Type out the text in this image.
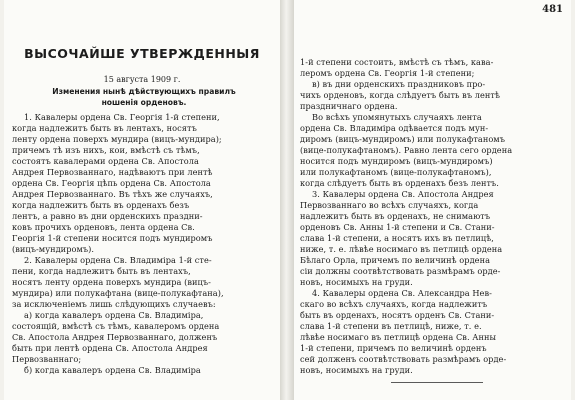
ВЫСОЧАЙШЕ УТВЕРЖДЕННЫЯ
15 августа 1909 г.
Изменения нынѣ дѣйствующихъ правилъ ношенія орденовъ.
1. Кавалеры ордена Св. Георгія 1-й степени,
когда надлежитъ быть въ лентахъ, носятъ
ленту ордена поверхъ мундира (вицъ-мундира);
причемъ тѣ изъ нихъ, кои, вмѣстѣ съ тѣмъ,
состоятъ кавалерами ордена Св. Апостола
Андрея Первозваннаго, надѣваютъ при лентѣ
ордена Св. Георгія цѣпь ордена Св. Апостола
Андрея Первозваннаго. Въ тѣхъ же случаяхъ,
когда надлежитъ быть въ орденахъ безъ
лентъ, а равно въ дни орденскихъ праздни-
ковъ прочихъ орденовъ, лента ордена Св.
Георгія 1-й степени носится подъ мундиромъ
(вицъ-мундиромъ).
2. Кавалеры ордена Св. Владиміра 1-й сте-
пени, когда надлежитъ быть въ лентахъ,
носятъ ленту ордена поверхъ мундира (вицъ-
мундира) или полукафтана (вице-полукафтана),
за исключеніемъ лишь слѣдующихъ случаевъ:
а) когда кавалеръ ордена Св. Владиміра,
состоящій, вмѣстѣ съ тѣмъ, кавалеромъ ордена
Св. Апостола Андрея Первозваннаго, долженъ
быть при лентѣ ордена Св. Апостола Андрея
Первозваннаго;
б) когда кавалеръ ордена Св. Владиміра
481
1-й степени состоитъ, вмѣстѣ съ тѣмъ, кава-
леромъ ордена Св. Георгія 1-й степени;
в) въ дни орденскихъ праздниковъ про-
чихъ орденовъ, когда слѣдуетъ быть въ лентѣ
праздничнаго ордена.
Во всѣхъ упомянутыхъ случаяхъ лента
ордена Св. Владиміра одѣвается подъ мун-
диромъ (вицъ-мундиромъ) или полукафтаномъ
(вице-полукафтаномъ). Равно лента сего ордена
носится подъ мундиромъ (вицъ-мундиромъ)
или полукафтаномъ (вице-полукафтаномъ),
когда слѣдуетъ быть въ орденахъ безъ лентъ.
3. Кавалеры ордена Св. Апостола Андрея
Первозваннаго во всѣхъ случаяхъ, когда
надлежитъ быть въ орденахъ, не снимаютъ
орденовъ Св. Анны 1-й степени и Св. Стани-
слава 1-й степени, а носятъ ихъ въ петлицѣ,
ниже, т. е. лѣвѣе носимаго въ петлицѣ ордена
Бѣлаго Орла, причемъ по величинѣ ордена
сіи должны соотвѣтствовать размѣрамъ орде-
новъ, носимыхъ на груди.
4. Кавалеры ордена Св. Александра Нев-
скаго во всѣхъ случаяхъ, когда надлежитъ
быть въ орденахъ, носятъ орденъ Св. Стани-
слава 1-й степени въ петлицѣ, ниже, т. е.
лѣвѣе носимаго въ петлицѣ ордена Св. Анны
1-й степени, причемъ по величинѣ орденъ
сей долженъ соотвѣтствовать размѣрамъ орде-
новъ, носимыхъ на груди.
